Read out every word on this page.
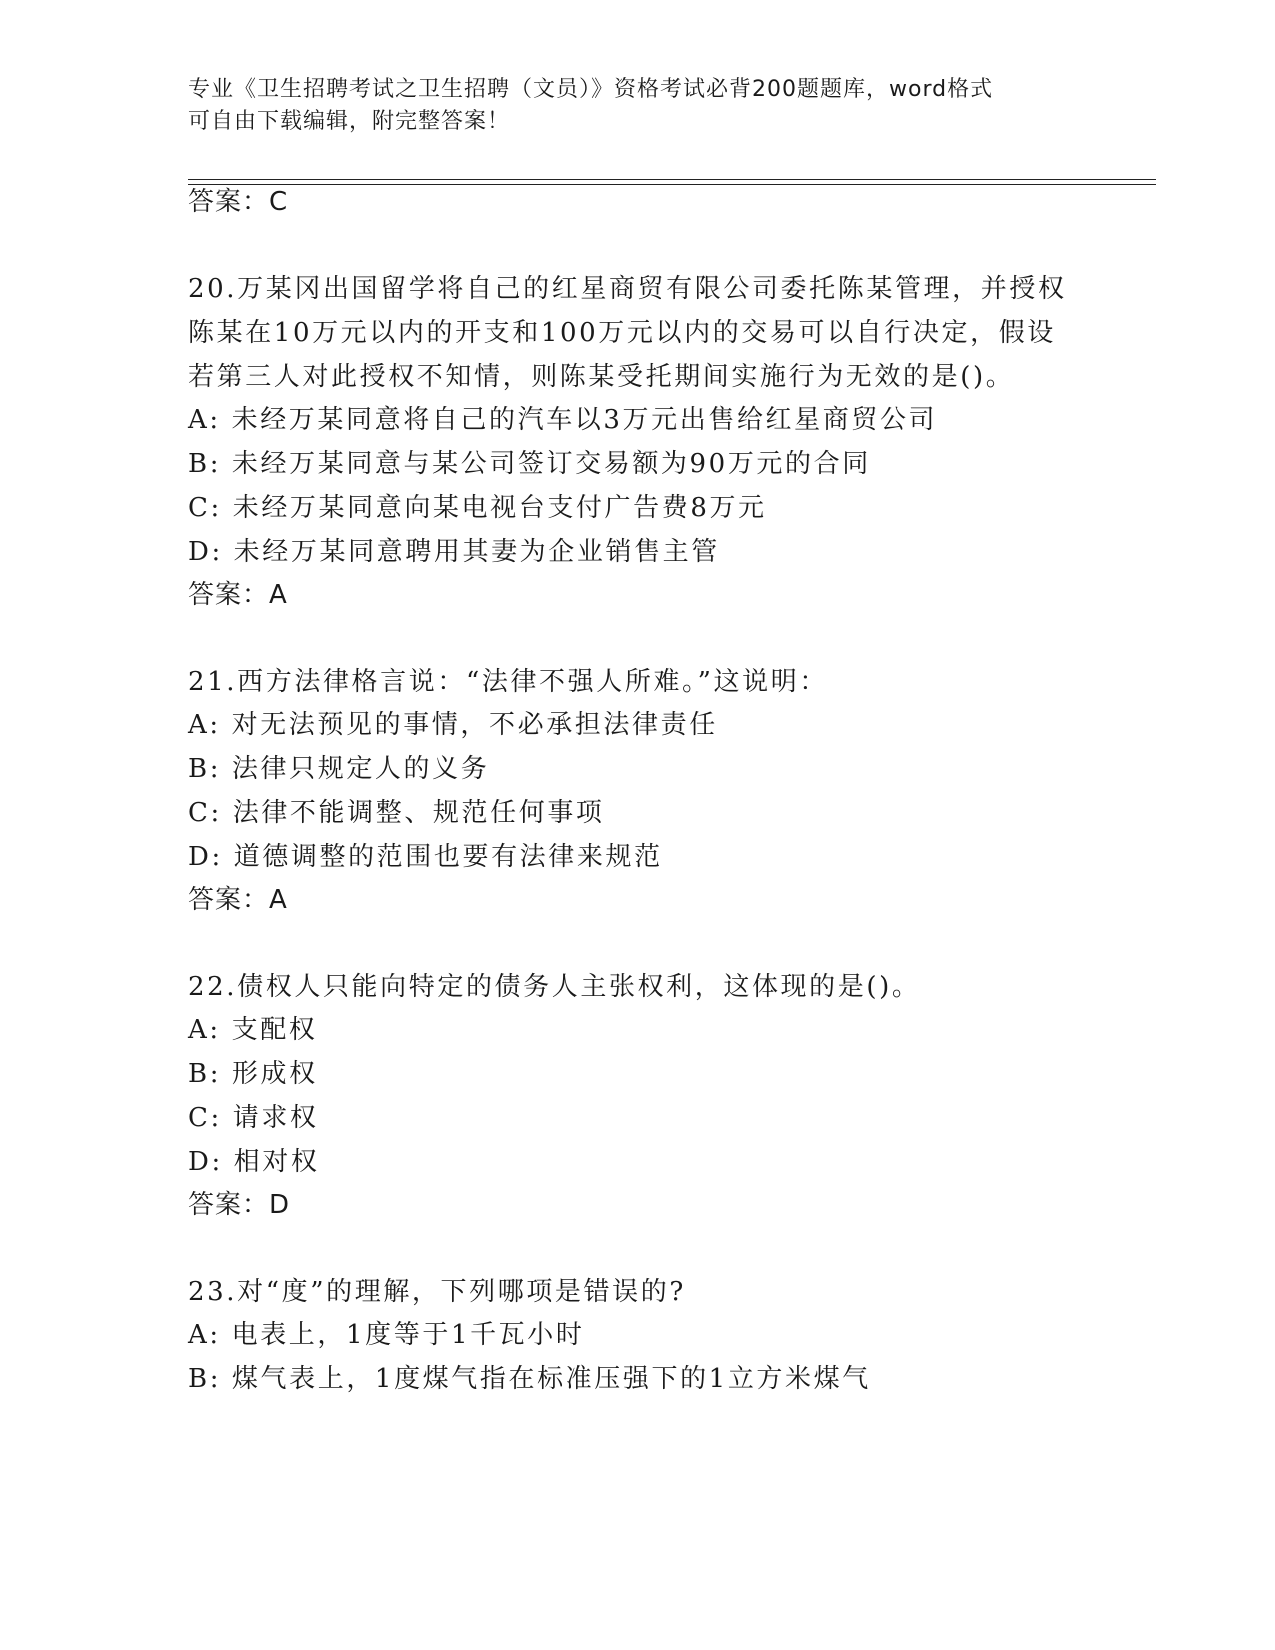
专业《卫生招聘考试之卫生招聘（文员）》资格考试必背200题题库，word格式
可自由下载编辑，附完整答案！
答案：C
20.万某冈出国留学将自己的红星商贸有限公司委托陈某管理，并授权
陈某在10万元以内的开支和100万元以内的交易可以自行决定，假设
若第三人对此授权不知情，则陈某受托期间实施行为无效的是()。
A: 未经万某同意将自己的汽车以3万元出售给红星商贸公司
B: 未经万某同意与某公司签订交易额为90万元的合同
C: 未经万某同意向某电视台支付广告费8万元
D: 未经万某同意聘用其妻为企业销售主管
答案：A
21.西方法律格言说：“法律不强人所难。”这说明：
A: 对无法预见的事情，不必承担法律责任
B: 法律只规定人的义务
C: 法律不能调整、规范任何事项
D: 道德调整的范围也要有法律来规范
答案：A
22.债权人只能向特定的债务人主张权利，这体现的是()。
A: 支配权
B: 形成权
C: 请求权
D: 相对权
答案：D
23.对“度”的理解，下列哪项是错误的?
A: 电表上，1度等于1千瓦小时
B: 煤气表上，1度煤气指在标准压强下的1立方米煤气
